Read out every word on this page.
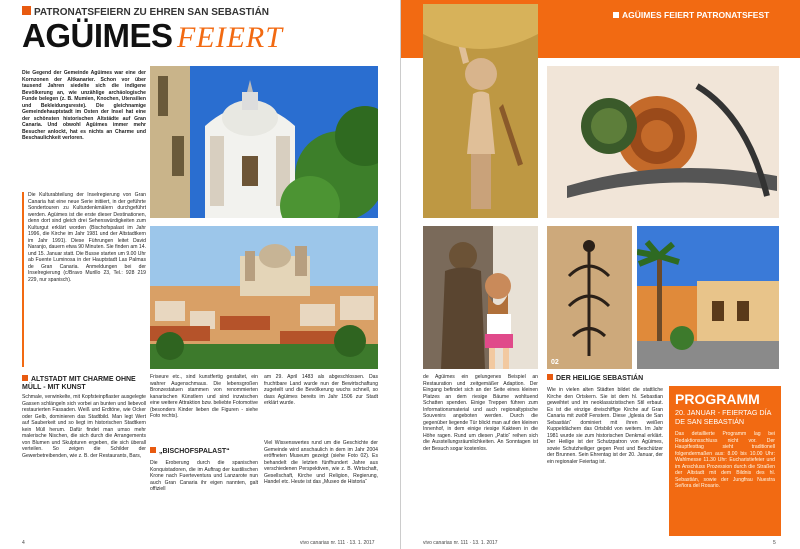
PATRONATSFEIERN ZU EHREN SAN SEBASTIÁN
AGÜIMES FEIERT
Die Gegend der Gemeinde Agüimes war eine der Kornzonen der Altkanarier. Schon vor über tausend Jahren siedelte sich die indigene Bevölkerung an, wie unzählige archäologische Funde belegen (z. B. Mumien, Knochen, Utensilien und Bekleidungsreste). Die gleichnamige Gemeindehauptstadt im Osten der Insel hat eine der schönsten historischen Altstädte auf Gran Canaria. Und obwohl Agüimes immer mehr Besucher anlockt, hat es nichts an Charme und Beschaulichkeit verloren.
Die Kulturabteilung der Inselregierung von Gran Canaria hat eine neue Serie initiiert, in der geführte Sondertouren zu Kulturdenkmälern durchgeführt werden. Agüimes ist die erste dieser Destinationen, denn dort sind gleich drei Sehenswürdigkeiten zum Kulturgut erklärt worden (Bischofspalast im Jahr 1996, die Kirche im Jahr 1981 und der Altstadtkern im Jahr 1991). Diese Führungen leitet David Naranjo, dauern etwa 90 Minuten. Sie finden am 14. und 15. Januar statt. Die Busse starten um 9.00 Uhr ab Fuente Luminosa in der Hauptstadt Las Palmas de Gran Canaria. Anmeldungen bei der Inselregierung (c/Bravo Murillo 23, Tel.: 928 219 229, nur spanisch).
ALTSTADT MIT CHARME OHNE MÜLL - MIT KUNST
Schmale, verwinkelte, mit Kopfsteinpflaster ausgelegte Gassen schlängeln sich vorbei an bunten und liebevoll restaurierten Fassaden. Weiß und Erdtöne, wie Ocker oder Gelb, dominieren das Stadtbild. Man legt Wert auf Sauberkeit und so liegt im historischen Stadtkern kein Müll herum. Dafür findet man umso mehr malerische Nischen, die sich durch die Arrangements von Blumen und Skulpturen ergeben, die sich überall verteilen. So zeigen die Schilder der Gewerbetreibenden, wie z. B. der Restaurants, Bars,
Friseure etc., sind kunstfertig gestaltet, ein wahrer Augenschmaus. Die lebensgroßen Bronzestatuen stammen von renommierten kanarischen Künstlern und sind inzwischen eine weitere Attraktion bzw. beliebte Fotomotive (besonders Kinder lieben die Figuren - siehe Foto rechts).
„BISCHOFSPALAST“
Die Eroberung durch die spanischen Konquistadoren, die im Auftrag der kastilischen Krone nach Fuerteventura und Lanzarote nun auch Gran Canaria ihr eigen nannten, galt offiziell
am 29. April 1483 als abgeschlossen. Das fruchtbare Land wurde nun der Bewirtschaftung zugeteilt und die Bevölkerung wuchs schnell, so dass Agüimes bereits im Jahr 1506 zur Stadt erklärt wurde.
Viel Wissenswertes rund um die Geschichte der Gemeinde wird anschaulich in dem im Jahr 2004 eröffneten Museum gezeigt (siehe Foto 02). Es behandelt die letzten fünfhundert Jahre aus verschiedenen Perspektiven, wie z. B. Wirtschaft, Gesellschaft, Kirche und Religion, Regierung, Handel etc. Heute ist das „Museo de Historia“
4	vivo canarias nr. 111 · 13. 1. 2017
AGÜIMES FEIERT PATRONATSFEST
02
de Agüimes ein gelungenes Beispiel an Restauration und zeitgemäßer Adaption. Der Eingang befindet sich an der Seite eines kleinen Platzes an dem riesige Bäume wohltuend Schatten spenden. Einige Treppen führen zum Informationsmaterial und auch regionaltypische Souvenirs angeboten werden. Durch die gegenüber liegende Tür blickt man auf den kleinen Innenhof, in dem einige riesige Kakteen in die Höhe ragen. Rund um diesen „Patio“ reihen sich die Ausstellungsräumlichkeiten. An Sonntagen ist der Besuch sogar kostenlos.
DER HEILIGE SEBASTIÁN
Wie in vielen alten Städten bildet die stattliche Kirche den Ortskern. Sie ist dem hl. Sebastian geweihtet und im neoklassizistischen Stil erbaut. Es ist die einzige dreischiffige Kirche auf Gran Canaria mit zwölf Fenstern. Diese „Iglesia de San Sebastián“ dominiert mit ihren weißen Kuppeldächern das Ortsbild von weitem. Im Jahr 1981 wurde sie zum historischen Denkmal erklärt. Der Heilige ist der Schutzpatron von Agüimes, sowie Schutzheiliger gegen Pest und Beschützer der Brunnen. Sein Ehrentag ist der 20. Januar, der ein regionaler Feiertag ist.
PROGRAMM
20. JANUAR - FEIERTAG DÍA DE SAN SEBASTIÁN
Das detaillierte Programm lag bei Redaktionsschluss nicht vor. Der Hauptfesttag sieht traditionell folgendermaßen aus: 8.00 bis 10.00 Uhr: Wahlmesse 11.30 Uhr: Eucharistiefeier und im Anschluss Prozession durch die Straßen der Altstadt mit dem Bildnis des hl. Sebastián, sowie der Jungfrau Nuestra Señora del Rosario.
vivo canarias nr. 111 · 13. 1. 2017	5
